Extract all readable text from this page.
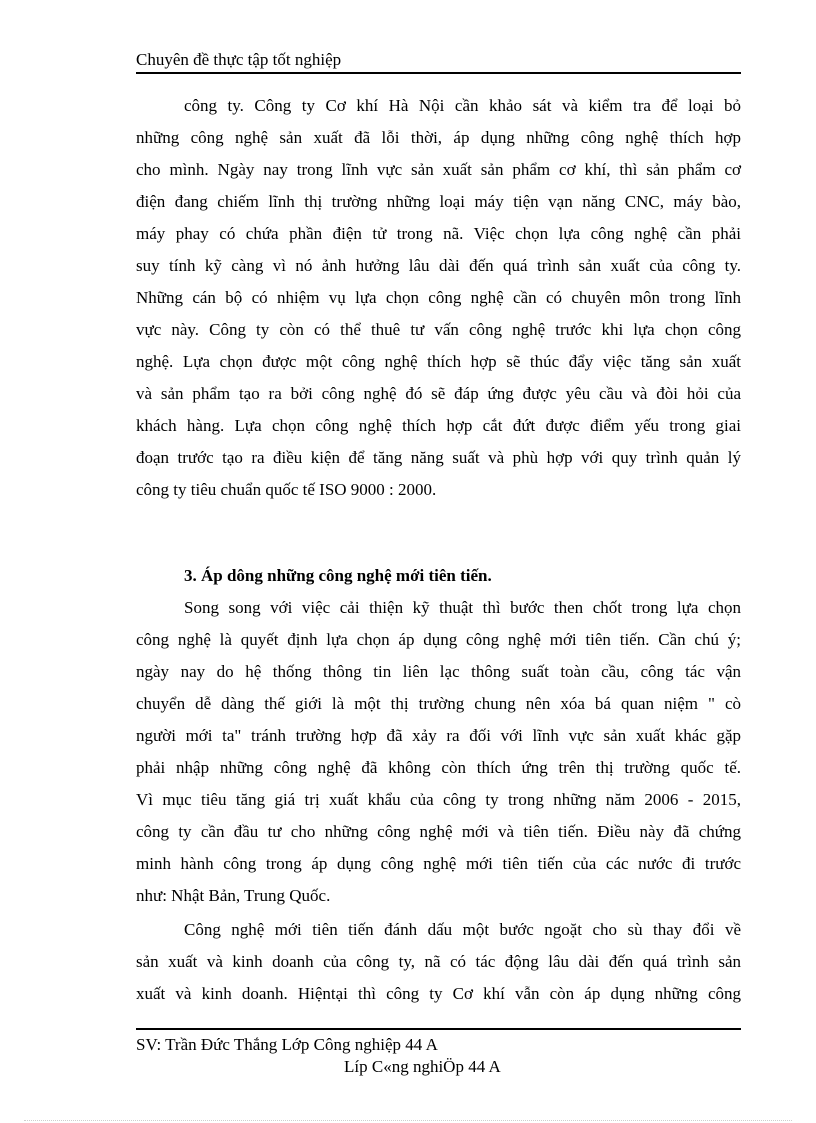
Chuyên đề thực tập tốt nghiệp
công ty. Công ty Cơ khí Hà Nội cần khảo sát và kiểm tra để loại bỏ
những công nghệ sản xuất đã lỗi thời, áp dụng những công nghệ thích hợp
cho mình. Ngày nay trong lĩnh vực sản xuất sản phẩm cơ khí, thì sản phẩm cơ
điện đang chiếm lĩnh thị trường những loại máy tiện vạn năng CNC, máy bào,
máy phay có chứa phần điện tử trong nã. Việc chọn lựa công nghệ cần phải
suy tính kỹ càng vì nó ảnh hưởng lâu dài đến quá trình sản xuất của công ty.
Những cán bộ có nhiệm vụ lựa chọn công nghệ cần có chuyên môn trong lĩnh
vực này. Công ty còn có thể thuê tư vấn công nghệ trước khi lựa chọn công
nghệ. Lựa chọn được một công nghệ thích hợp sẽ thúc đẩy việc tăng sản xuất
và sản phẩm tạo ra bởi công nghệ đó sẽ đáp ứng được yêu cầu và đòi hỏi của
khách hàng. Lựa chọn công nghệ thích hợp cắt đứt được điểm yếu trong giai
đoạn trước tạo ra điều kiện để tăng năng suất và phù hợp với quy trình quản lý
công ty tiêu chuẩn quốc tế ISO 9000 : 2000.
3. Áp dông những công nghệ mới tiên tiến.
Song song với việc cải thiện kỹ thuật thì bước then chốt trong lựa chọn
công nghệ là quyết định lựa chọn áp dụng công nghệ mới tiên tiến. Cần chú ý;
ngày nay do hệ thống thông tin liên lạc thông suất toàn cầu, công tác vận
chuyển dễ dàng thế giới là một thị trường chung nên xóa bá quan niệm " cò
người mới ta" tránh trường hợp đã xảy ra đối với lĩnh vực sản xuất khác gặp
phải nhập những công nghệ đã không còn thích ứng trên thị trường quốc tế.
Vì mục tiêu tăng giá trị xuất khẩu của công ty trong những năm 2006 - 2015,
công ty cần đầu tư cho những công nghệ mới và tiên tiến. Điều này đã chứng
minh hành công trong áp dụng công nghệ mới tiên tiến của các nước đi trước
như: Nhật Bản, Trung Quốc.
Công nghệ mới tiên tiến đánh dấu một bước ngoặt cho sù thay đổi về
sản xuất và kinh doanh của công ty, nã có tác động lâu dài đến quá trình sản
xuất và kinh doanh. Hiệntại thì công ty Cơ khí vẫn còn áp dụng những công
SV: Trần Đức Thắng Lớp Công nghiệp 44 A
Líp C«ng nghiÖp 44 A
